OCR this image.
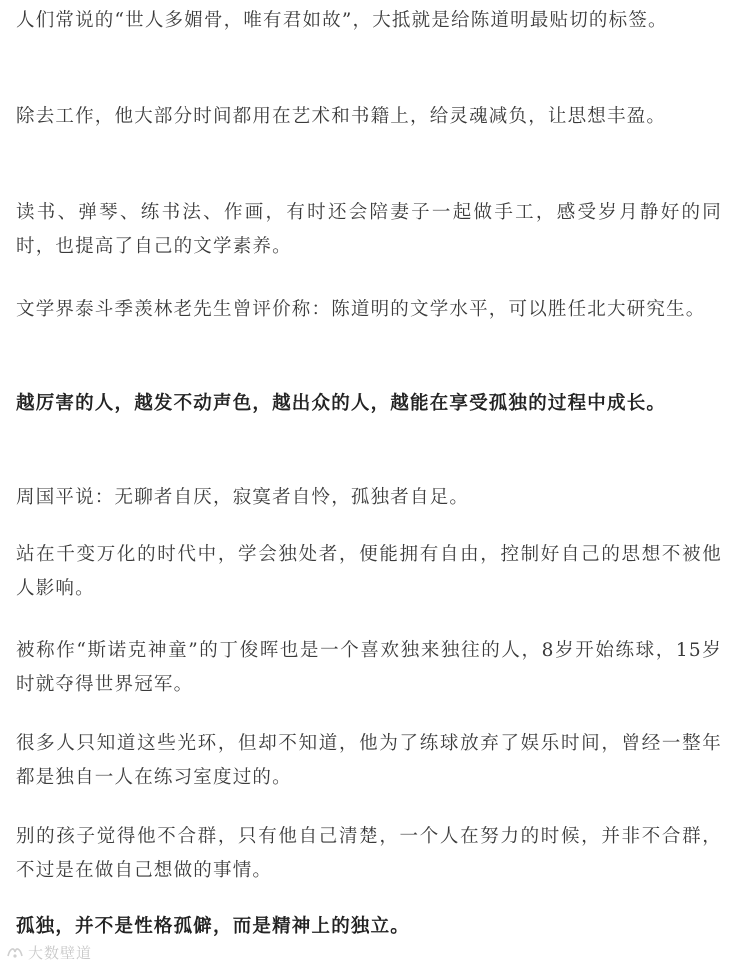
人们常说的“世人多媚骨，唯有君如故”，大抵就是给陈道明最贴切的标签。

除去工作，他大部分时间都用在艺术和书籍上，给灵魂减负，让思想丰盈。

读书、弹琴、练书法、作画，有时还会陪妻子一起做手工，感受岁月静好的同时，也提高了自己的文学素养。

文学界泰斗季羡林老先生曾评价称：陈道明的文学水平，可以胜任北大研究生。

越厉害的人，越发不动声色，越出众的人，越能在享受孤独的过程中成长。

周国平说：无聊者自厌，寂寞者自怜，孤独者自足。

站在千变万化的时代中，学会独处者，便能拥有自由，控制好自己的思想不被他人影响。

被称作“斯诺克神童”的丁俊晖也是一个喜欢独来独往的人，8岁开始练球，15岁时就夺得世界冠军。

很多人只知道这些光环，但却不知道，他为了练球放弃了娱乐时间，曾经一整年都是独自一人在练习室度过的。

别的孩子觉得他不合群，只有他自己清楚，一个人在努力的时候，并非不合群，不过是在做自己想做的事情。

孤独，并不是性格孤僻，而是精神上的独立。

大数壁道
